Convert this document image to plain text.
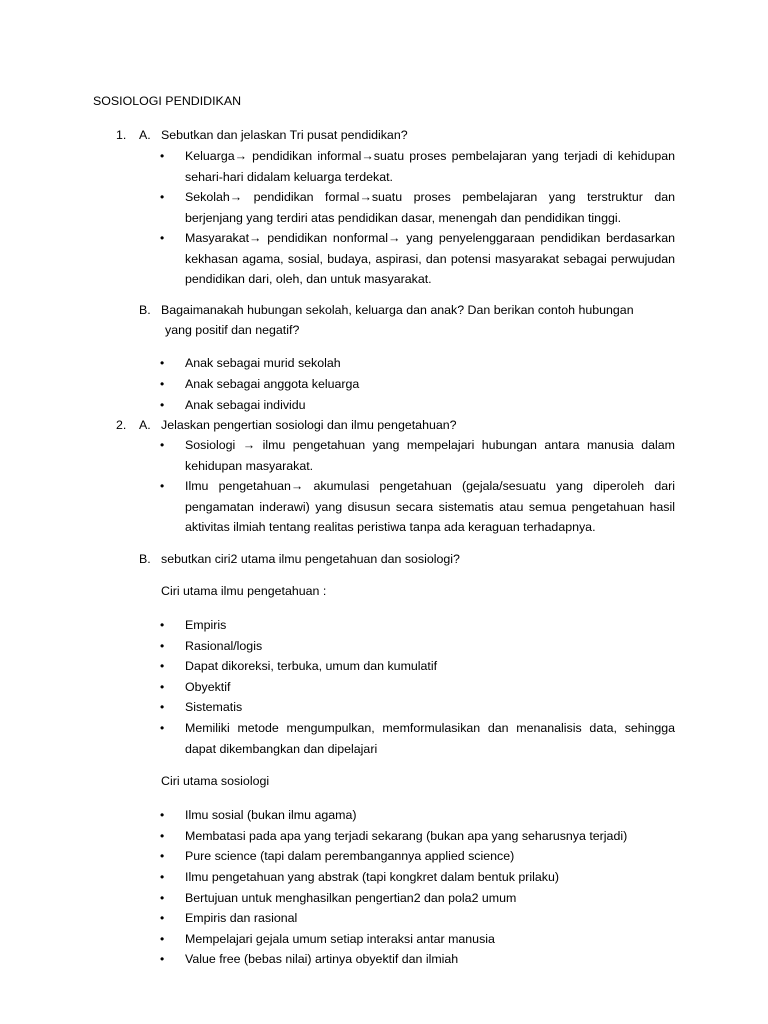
SOSIOLOGI PENDIDIKAN
1.	A. Sebutkan dan jelaskan Tri pusat pendidikan?
• Keluarga→ pendidikan informal→suatu proses pembelajaran yang terjadi di kehidupan sehari-hari didalam keluarga terdekat.
• Sekolah→ pendidikan formal→suatu proses pembelajaran yang terstruktur dan berjenjang yang terdiri atas pendidikan dasar, menengah dan pendidikan tinggi.
• Masyarakat→ pendidikan nonformal→ yang penyelenggaraan pendidikan berdasarkan kekhasan agama, sosial, budaya, aspirasi, dan potensi masyarakat sebagai perwujudan pendidikan dari, oleh, dan untuk masyarakat.
B. Bagaimanakah hubungan sekolah, keluarga dan anak? Dan berikan contoh hubungan
yang positif dan negatif?
• Anak sebagai murid sekolah
• Anak sebagai anggota keluarga
• Anak sebagai individu
2.	A. Jelaskan pengertian sosiologi dan ilmu pengetahuan?
• Sosiologi → ilmu pengetahuan yang mempelajari hubungan antara manusia dalam kehidupan masyarakat.
• Ilmu pengetahuan→ akumulasi pengetahuan (gejala/sesuatu yang diperoleh dari pengamatan inderawi) yang disusun secara sistematis atau semua pengetahuan hasil aktivitas ilmiah tentang realitas peristiwa tanpa ada keraguan terhadapnya.
B. sebutkan ciri2 utama ilmu pengetahuan dan sosiologi?
Ciri utama ilmu pengetahuan :
• Empiris
• Rasional/logis
• Dapat dikoreksi, terbuka, umum dan kumulatif
• Obyektif
• Sistematis
• Memiliki metode mengumpulkan, memformulasikan dan menanalisis data, sehingga dapat dikembangkan dan dipelajari
Ciri utama sosiologi
• Ilmu sosial (bukan ilmu agama)
• Membatasi pada apa yang terjadi sekarang (bukan apa yang seharusnya terjadi)
• Pure science (tapi dalam perembangannya applied science)
• Ilmu pengetahuan yang abstrak (tapi kongkret dalam bentuk prilaku)
• Bertujuan untuk menghasilkan pengertian2 dan pola2 umum
• Empiris dan rasional
• Mempelajari gejala umum setiap interaksi antar manusia
• Value free (bebas nilai) artinya obyektif dan ilmiah
